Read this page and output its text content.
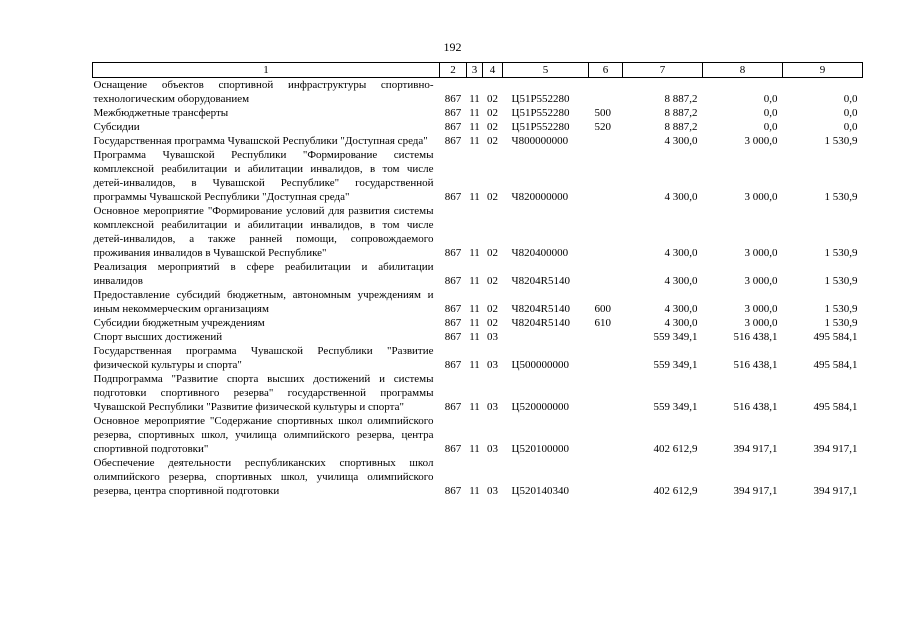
192
1	2	3	4	5	6	7	8	9
Оснащение объектов спортивной инфраструктуры спортивно-технологическим оборудованием	867	11	02	Ц51P552280		8 887,2	0,0	0,0
Межбюджетные трансферты	867	11	02	Ц51P552280	500	8 887,2	0,0	0,0
Субсидии	867	11	02	Ц51P552280	520	8 887,2	0,0	0,0
Государственная программа Чувашской Республики "Доступная среда"	867	11	02	Ч800000000		4 300,0	3 000,0	1 530,9
Программа Чувашской Республики "Формирование системы комплексной реабилитации и абилитации инвалидов, в том числе детей-инвалидов, в Чувашской Республике" государственной программы Чувашской Республики "Доступная среда"	867	11	02	Ч820000000		4 300,0	3 000,0	1 530,9
Основное мероприятие "Формирование условий для развития системы комплексной реабилитации и абилитации инвалидов, в том числе детей-инвалидов, а также ранней помощи, сопровождаемого проживания инвалидов в Чувашской Республике"	867	11	02	Ч820400000		4 300,0	3 000,0	1 530,9
Реализация мероприятий в сфере реабилитации и абилитации инвалидов	867	11	02	Ч8204R5140		4 300,0	3 000,0	1 530,9
Предоставление субсидий бюджетным, автономным учреждениям и иным некоммерческим организациям	867	11	02	Ч8204R5140	600	4 300,0	3 000,0	1 530,9
Субсидии бюджетным учреждениям	867	11	02	Ч8204R5140	610	4 300,0	3 000,0	1 530,9
Спорт высших достижений	867	11	03			559 349,1	516 438,1	495 584,1
Государственная программа Чувашской Республики "Развитие физической культуры и спорта"	867	11	03	Ц500000000		559 349,1	516 438,1	495 584,1
Подпрограмма "Развитие спорта высших достижений и системы подготовки спортивного резерва" государственной программы Чувашской Республики "Развитие физической культуры и спорта"	867	11	03	Ц520000000		559 349,1	516 438,1	495 584,1
Основное мероприятие "Содержание спортивных школ олимпийского резерва, спортивных школ, училища олимпийского резерва, центра спортивной подготовки"	867	11	03	Ц520100000		402 612,9	394 917,1	394 917,1
Обеспечение деятельности республиканских спортивных школ олимпийского резерва, спортивных школ, училища олимпийского резерва, центра спортивной подготовки	867	11	03	Ц520140340		402 612,9	394 917,1	394 917,1
